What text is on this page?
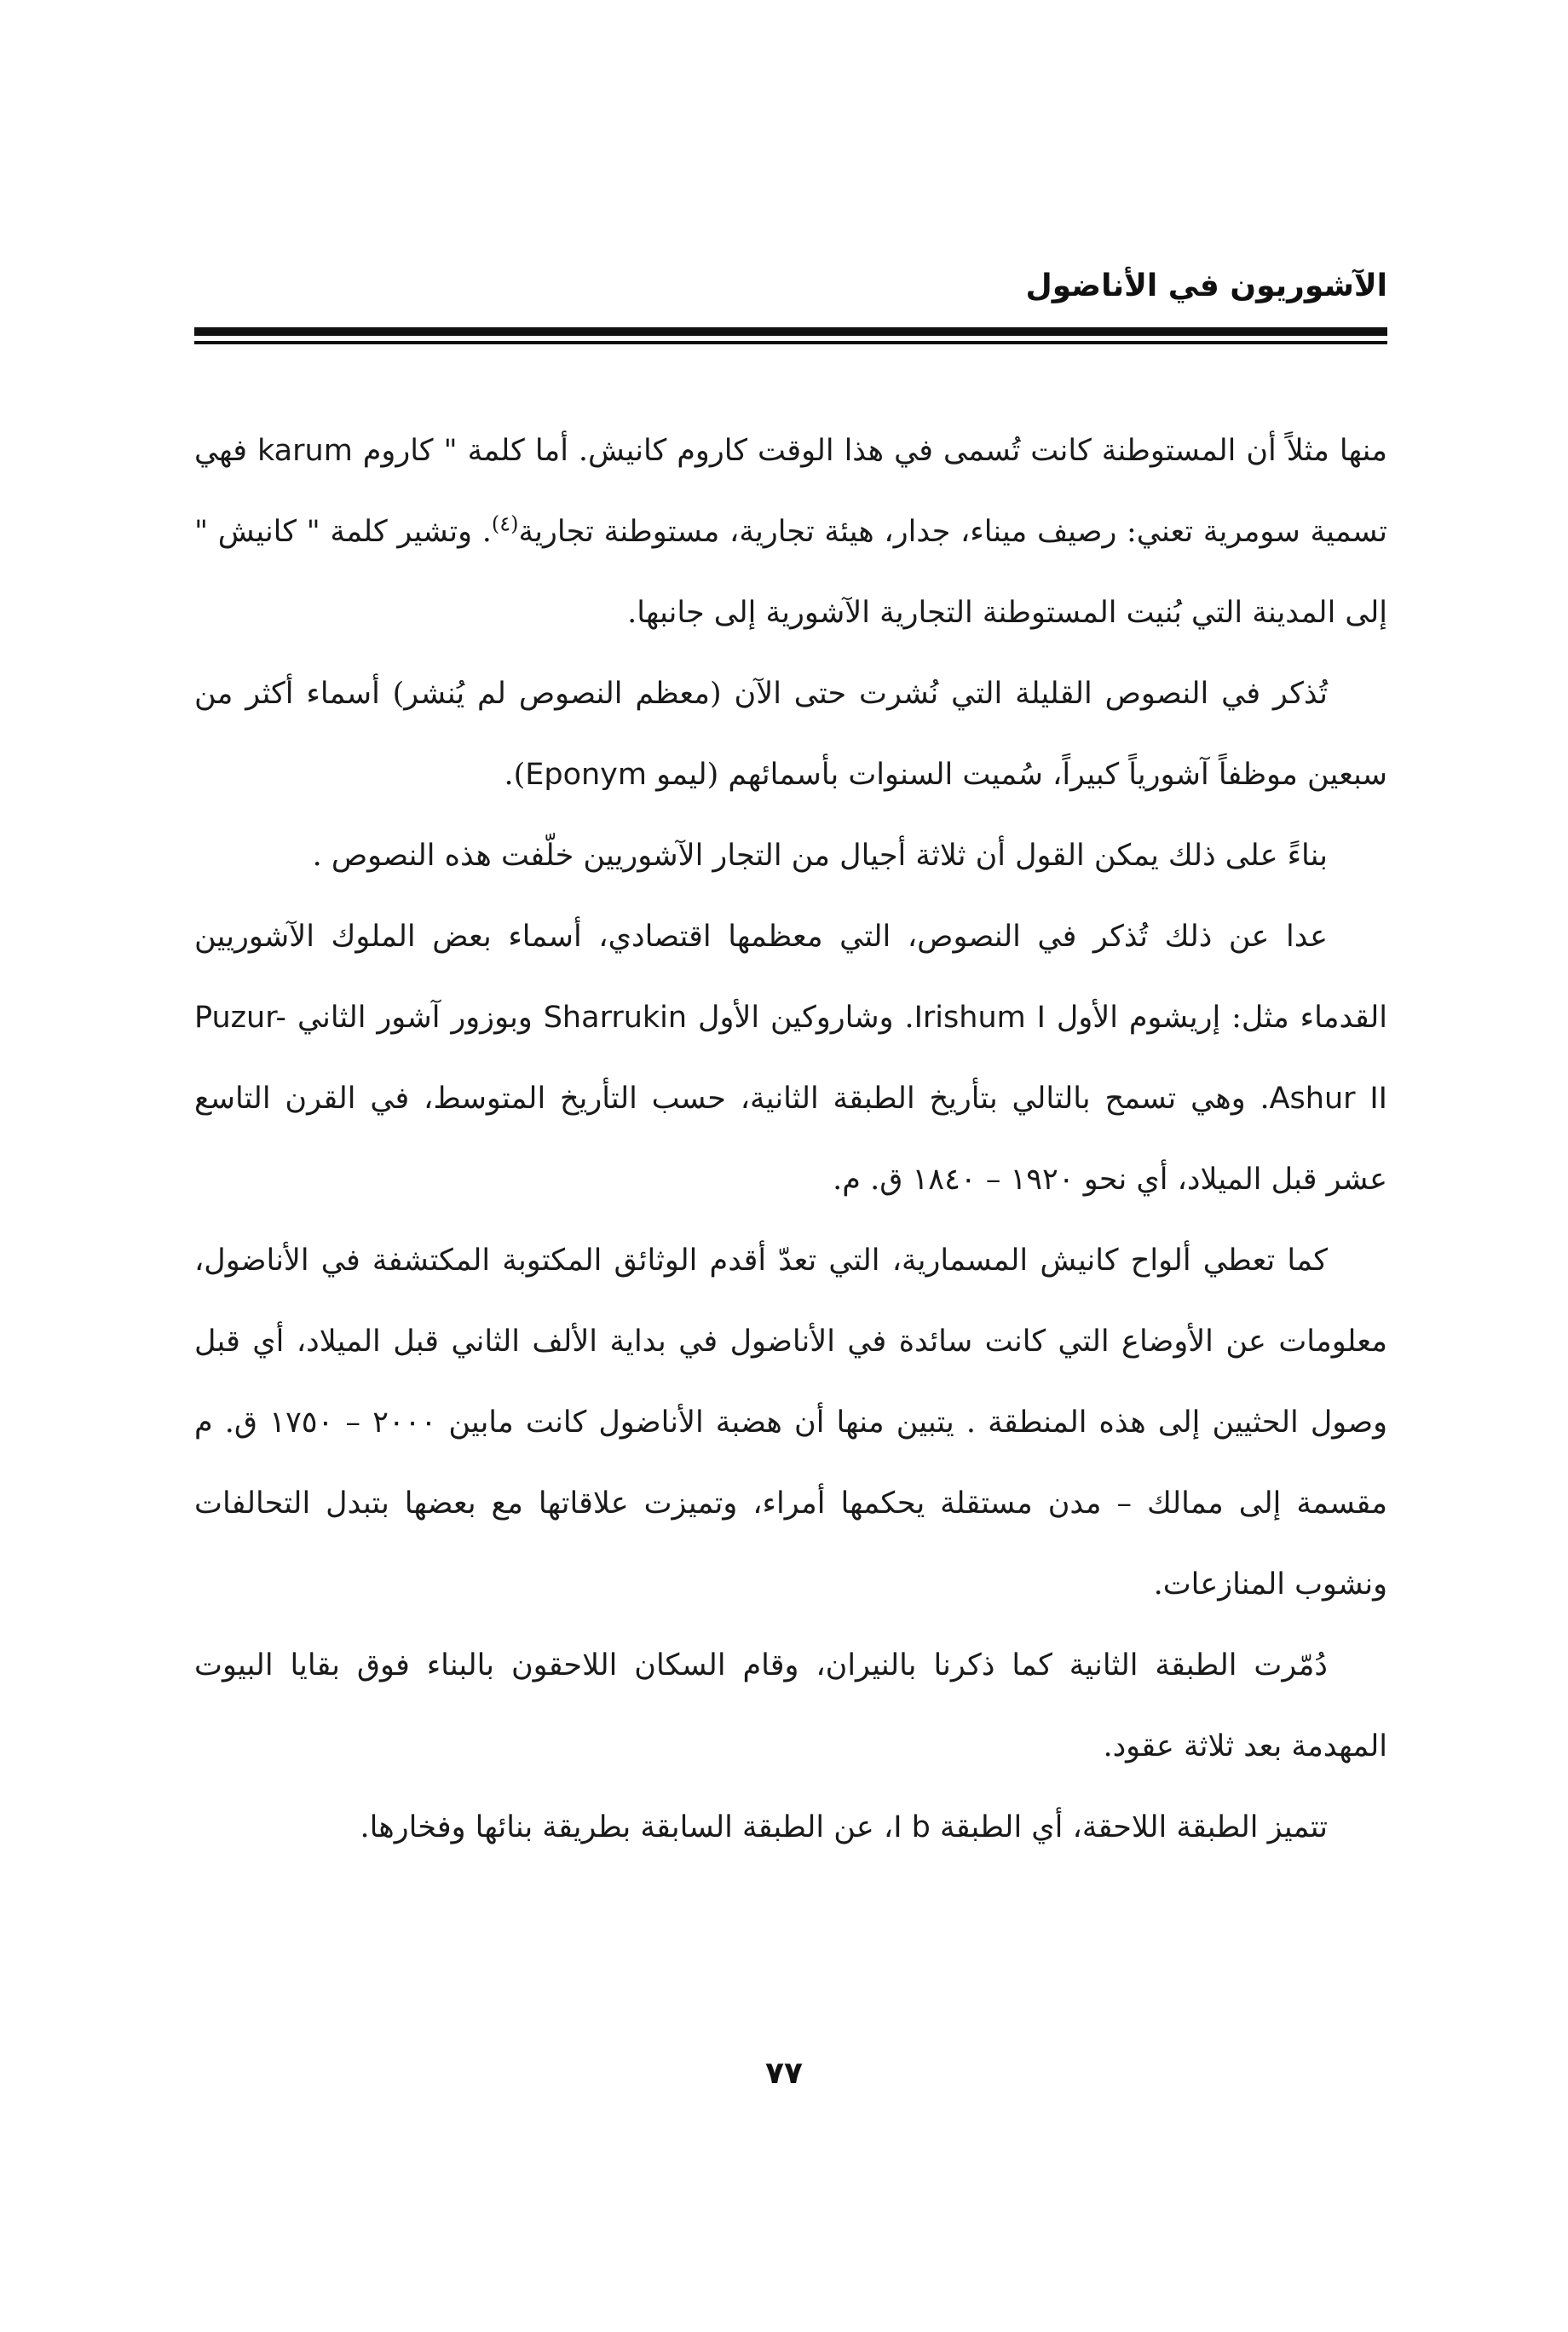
الآشوريون في الأناضول

منها مثلاً أن المستوطنة كانت تُسمى في هذا الوقت كاروم كانيش. أما كلمة " كاروم karum فهي تسمية سومرية تعني: رصيف ميناء، جدار، هيئة تجارية، مستوطنة تجارية$^{(٤)}$. وتشير كلمة " كانيش " إلى المدينة التي بُنيت المستوطنة التجارية الآشورية إلى جانبها.

تُذكر في النصوص القليلة التي نُشرت حتى الآن (معظم النصوص لم يُنشر) أسماء أكثر من سبعين موظفاً آشورياً كبيراً، سُميت السنوات بأسمائهم (ليمو Eponym).

بناءً على ذلك يمكن القول أن ثلاثة أجيال من التجار الآشوريين خلّفت هذه النصوص .

عدا عن ذلك تُذكر في النصوص، التي معظمها اقتصادي، أسماء بعض الملوك الآشوريين القدماء مثل: إريشوم الأول Irishum I. وشاروكين الأول Sharrukin وبوزور آشور الثاني Puzur-Ashur II. وهي تسمح بالتالي بتأريخ الطبقة الثانية، حسب التأريخ المتوسط، في القرن التاسع عشر قبل الميلاد، أي نحو ١٩٢٠ – ١٨٤٠ ق. م.

كما تعطي ألواح كانيش المسمارية، التي تعدّ أقدم الوثائق المكتوبة المكتشفة في الأناضول، معلومات عن الأوضاع التي كانت سائدة في الأناضول في بداية الألف الثاني قبل الميلاد، أي قبل وصول الحثيين إلى هذه المنطقة . يتبين منها أن هضبة الأناضول كانت مابين ٢٠٠٠ – ١٧٥٠ ق. م مقسمة إلى ممالك – مدن مستقلة يحكمها أمراء، وتميزت علاقاتها مع بعضها بتبدل التحالفات ونشوب المنازعات.

دُمّرت الطبقة الثانية كما ذكرنا بالنيران، وقام السكان اللاحقون بالبناء فوق بقايا البيوت المهدمة بعد ثلاثة عقود.

تتميز الطبقة اللاحقة، أي الطبقة I b، عن الطبقة السابقة بطريقة بنائها وفخارها.

٧٧
